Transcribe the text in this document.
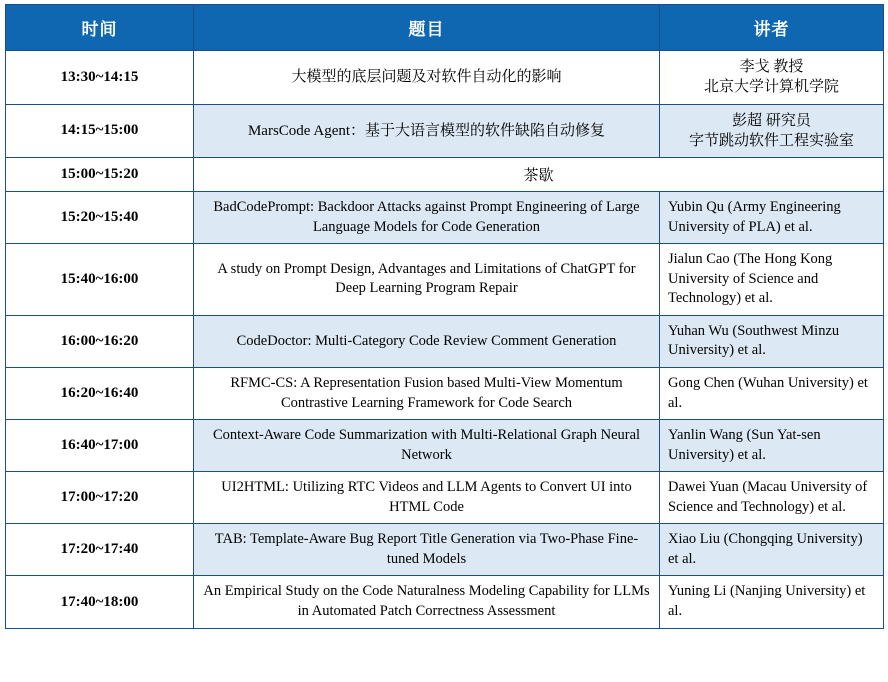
时间	题目	讲者
13:30~14:15	大模型的底层问题及对软件自动化的影响	李戈 教授
北京大学计算机学院

14:15~15:00	MarsCode Agent：基于大语言模型的软件缺陷自动修复	彭超 研究员
字节跳动软件工程实验室

15:00~15:20	茶歇	
15:20~15:40	BadCodePrompt: Backdoor Attacks against Prompt Engineering of Large Language Models for Code Generation	Yubin Qu (Army Engineering University of PLA) et al.

15:40~16:00	A study on Prompt Design, Advantages and Limitations of ChatGPT for Deep Learning Program Repair	Jialun Cao (The Hong Kong University of Science and Technology) et al.

16:00~16:20	CodeDoctor: Multi-Category Code Review Comment Generation	Yuhan Wu (Southwest Minzu University) et al.

16:20~16:40	RFMC-CS: A Representation Fusion based Multi-View Momentum Contrastive Learning Framework for Code Search	Gong Chen (Wuhan University) et al.

16:40~17:00	Context-Aware Code Summarization with Multi-Relational Graph Neural Network	Yanlin Wang (Sun Yat-sen University) et al.

17:00~17:20	UI2HTML: Utilizing RTC Videos and LLM Agents to Convert UI into HTML Code	Dawei Yuan (Macau University of Science and Technology) et al.

17:20~17:40	TAB: Template-Aware Bug Report Title Generation via Two-Phase Fine-tuned Models	Xiao Liu (Chongqing University) et al.

17:40~18:00	An Empirical Study on the Code Naturalness Modeling Capability for LLMs in Automated Patch Correctness Assessment	Yuning Li (Nanjing University) et al.
